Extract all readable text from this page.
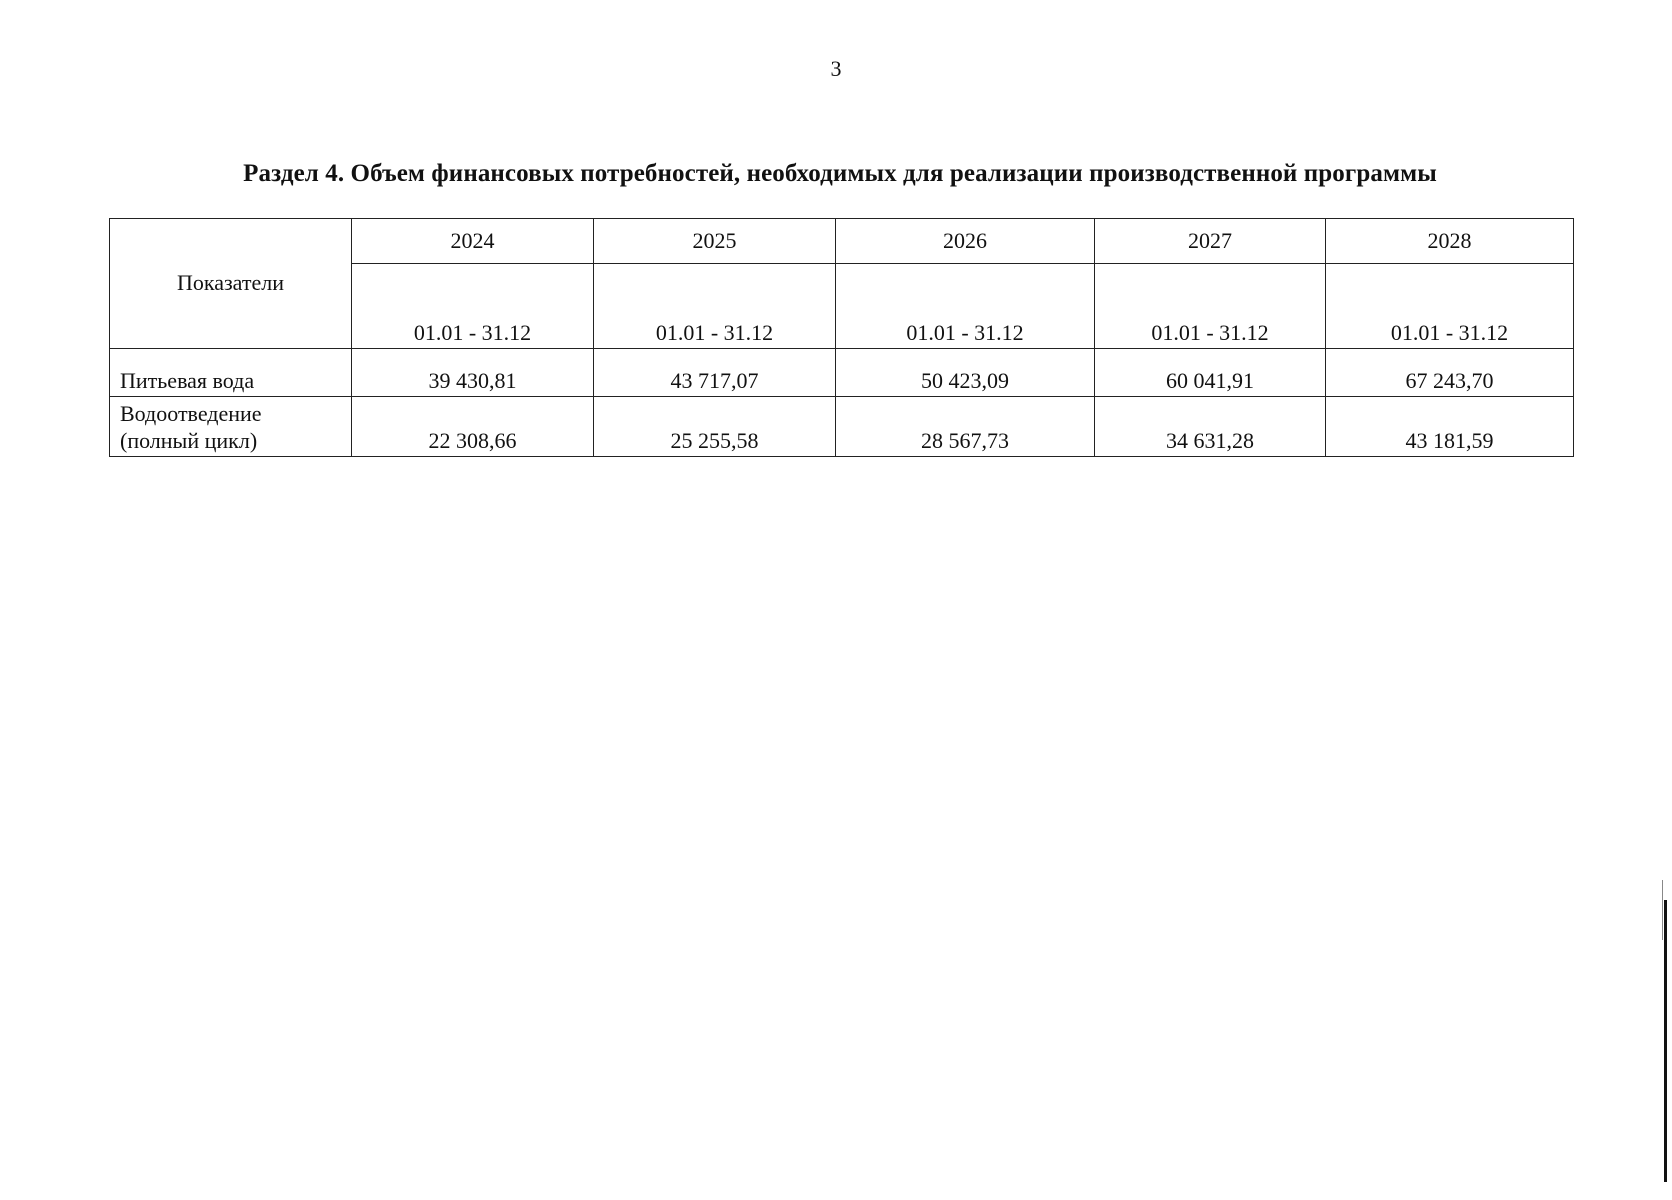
3
Раздел 4. Объем финансовых потребностей, необходимых для реализации производственной программы
Показатели	2024	2025	2026	2027	2028
	01.01 - 31.12	01.01 - 31.12	01.01 - 31.12	01.01 - 31.12	01.01 - 31.12
Питьевая вода	39 430,81	43 717,07	50 423,09	60 041,91	67 243,70
Водоотведение
(полный цикл)	22 308,66	25 255,58	28 567,73	34 631,28	43 181,59
